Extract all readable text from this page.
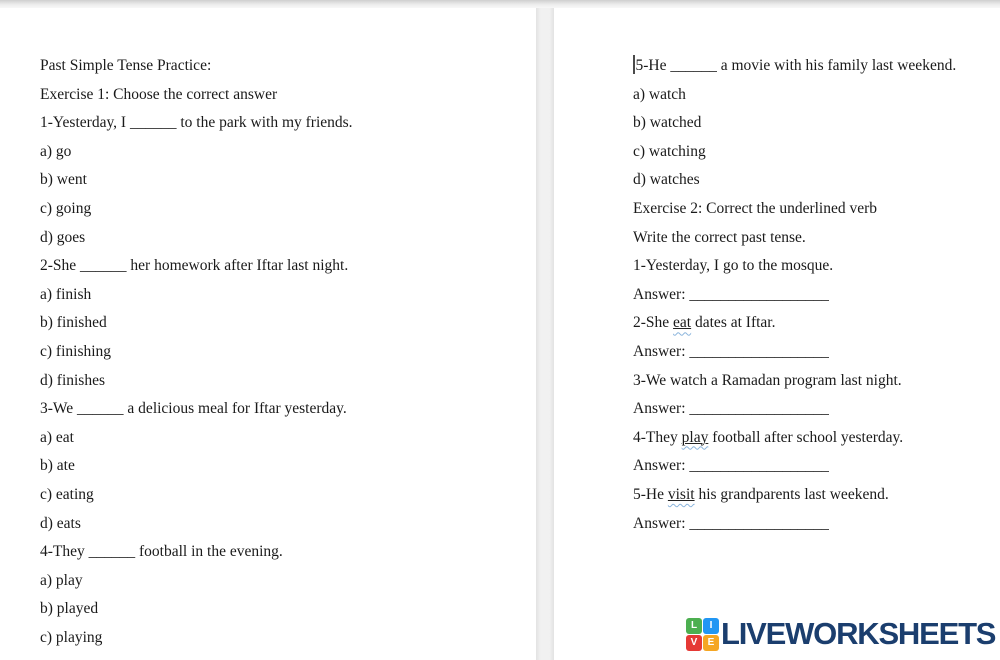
Past Simple Tense Practice:
Exercise 1: Choose the correct answer
1-Yesterday, I ______ to the park with my friends.
a) go
b) went
c) going
d) goes
2-She ______ her homework after Iftar last night.
a) finish
b) finished
c) finishing
d) finishes
3-We ______ a delicious meal for Iftar yesterday.
a) eat
b) ate
c) eating
d) eats
4-They ______ football in the evening.
a) play
b) played
c) playing
5-He ______ a movie with his family last weekend.
a) watch
b) watched
c) watching
d) watches
Exercise 2: Correct the underlined verb
Write the correct past tense.
1-Yesterday, I go to the mosque.
Answer: __________________
2-She eat dates at Iftar.
Answer: __________________
3-We watch a Ramadan program last night.
Answer: __________________
4-They play football after school yesterday.
Answer: __________________
5-He visit his grandparents last weekend.
Answer: __________________
L	I
V	E LIVEWORKSHEETS
